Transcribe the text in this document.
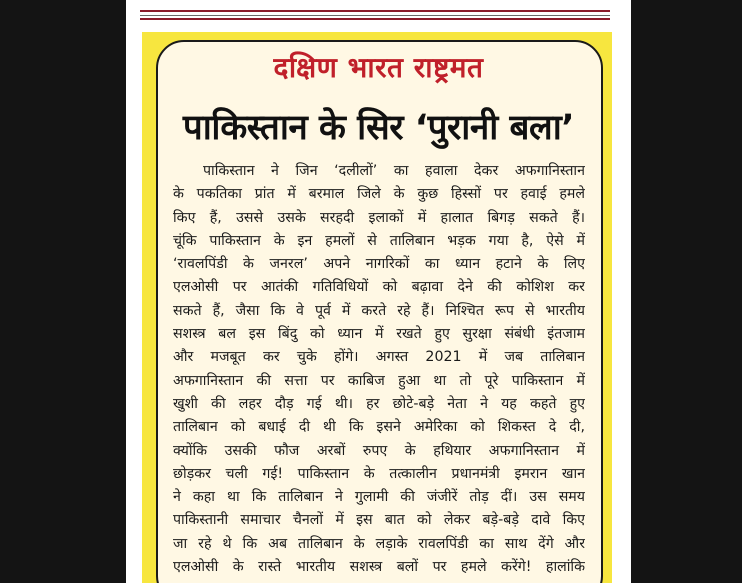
दक्षिण भारत राष्ट्रमत
पाकिस्तान के सिर ‘पुरानी बला’
पाकिस्तान ने जिन ‘दलीलों’ का हवाला देकर अफगानिस्तान
के पकतिका प्रांत में बरमाल जिले के कुछ हिस्सों पर हवाई हमले
किए हैं, उससे उसके सरहदी इलाकों में हालात बिगड़ सकते हैं।
चूंकि पाकिस्तान के इन हमलों से तालिबान भड़क गया है, ऐसे में
‘रावलपिंडी के जनरल’ अपने नागरिकों का ध्यान हटाने के लिए
एलओसी पर आतंकी गतिविधियों को बढ़ावा देने की कोशिश कर
सकते हैं, जैसा कि वे पूर्व में करते रहे हैं। निश्चित रूप से भारतीय
सशस्त्र बल इस बिंदु को ध्यान में रखते हुए सुरक्षा संबंधी इंतजाम
और मजबूत कर चुके होंगे। अगस्त 2021 में जब तालिबान
अफगानिस्तान की सत्ता पर काबिज हुआ था तो पूरे पाकिस्तान में
खुशी की लहर दौड़ गई थी। हर छोटे-बड़े नेता ने यह कहते हुए
तालिबान को बधाई दी थी कि इसने अमेरिका को शिकस्त दे दी,
क्योंकि उसकी फौज अरबों रुपए के हथियार अफगानिस्तान में
छोड़कर चली गई! पाकिस्तान के तत्कालीन प्रधानमंत्री इमरान खान
ने कहा था कि तालिबान ने गुलामी की जंजीरें तोड़ दीं। उस समय
पाकिस्तानी समाचार चैनलों में इस बात को लेकर बड़े-बड़े दावे किए
जा रहे थे कि अब तालिबान के लड़ाके रावलपिंडी का साथ देंगे और
एलओसी के रास्ते भारतीय सशस्त्र बलों पर हमले करेंगे! हालांकि
